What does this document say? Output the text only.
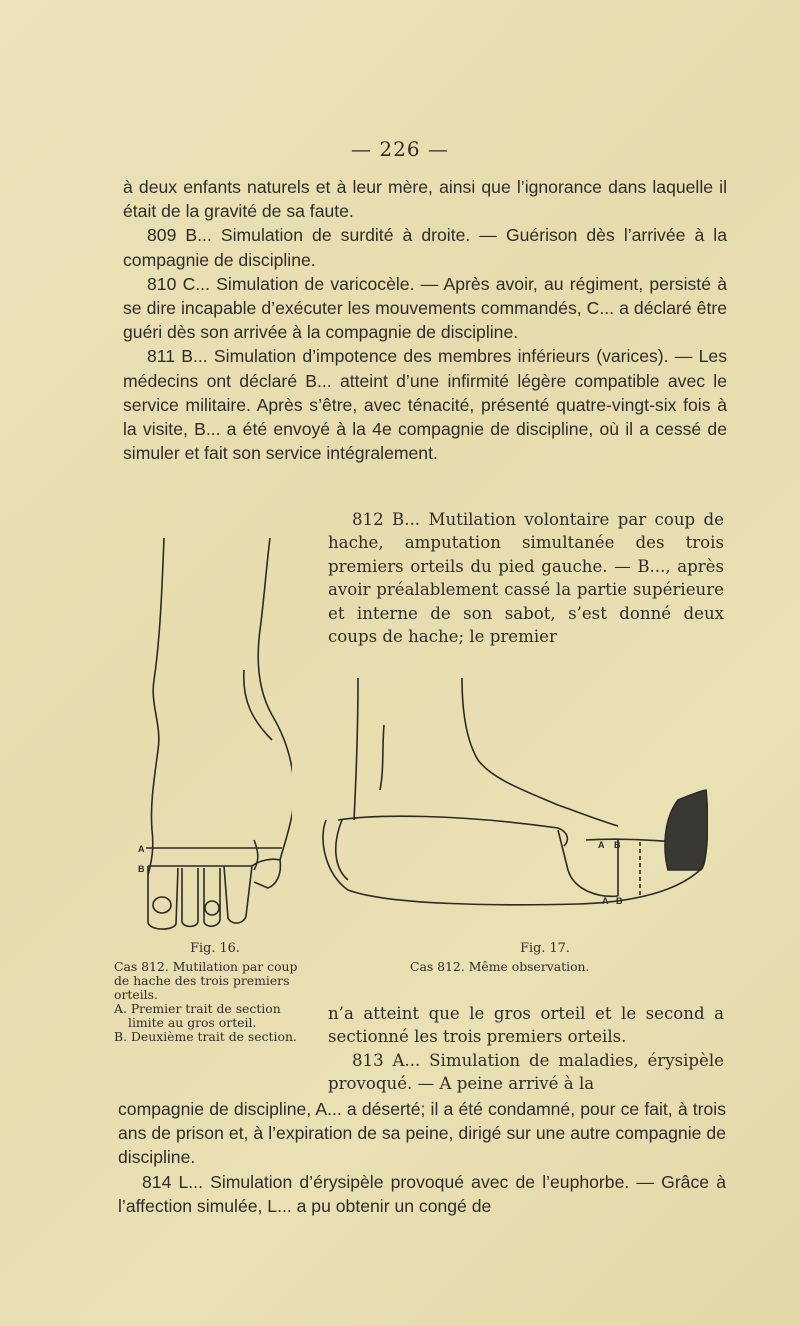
— 226 —

à deux enfants naturels et à leur mère, ainsi que l’ignorance dans laquelle il était de la gravité de sa faute.

809 B... Simulation de surdité à droite. — Guérison dès l’arrivée à la compagnie de discipline.

810 C... Simulation de varicocèle. — Après avoir, au régiment, persisté à se dire incapable d’exécuter les mouvements commandés, C... a déclaré être guéri dès son arrivée à la compagnie de discipline.

811 B... Simulation d’impotence des membres inférieurs (varices). — Les médecins ont déclaré B... atteint d’une infirmité légère compatible avec le service militaire. Après s’être, avec ténacité, présenté quatre-vingt-six fois à la visite, B... a été envoyé à la 4e compagnie de discipline, où il a cessé de simuler et fait son service intégralement.

812 B... Mutilation volontaire par coup de hache, amputation simultanée des trois premiers orteils du pied gauche. — B..., après avoir préalablement cassé la partie supérieure et interne de son sabot, s’est donné deux coups de hache; le premier

A
B
A B
A B
Fig. 16.
Cas 812. Mutilation par coup de hache des trois premiers orteils.
A. Premier trait de section limite au gros orteil.
B. Deuxième trait de section.
Fig. 17.
Cas 812. Même observation.

n’a atteint que le gros orteil et le second a sectionné les trois premiers orteils.

813 A... Simulation de maladies, érysipèle provoqué. — A peine arrivé à la

compagnie de discipline, A... a déserté; il a été condamné, pour ce fait, à trois ans de prison et, à l’expiration de sa peine, dirigé sur une autre compagnie de discipline.

814 L... Simulation d’érysipèle provoqué avec de l’euphorbe. — Grâce à l’affection simulée, L... a pu obtenir un congé de
